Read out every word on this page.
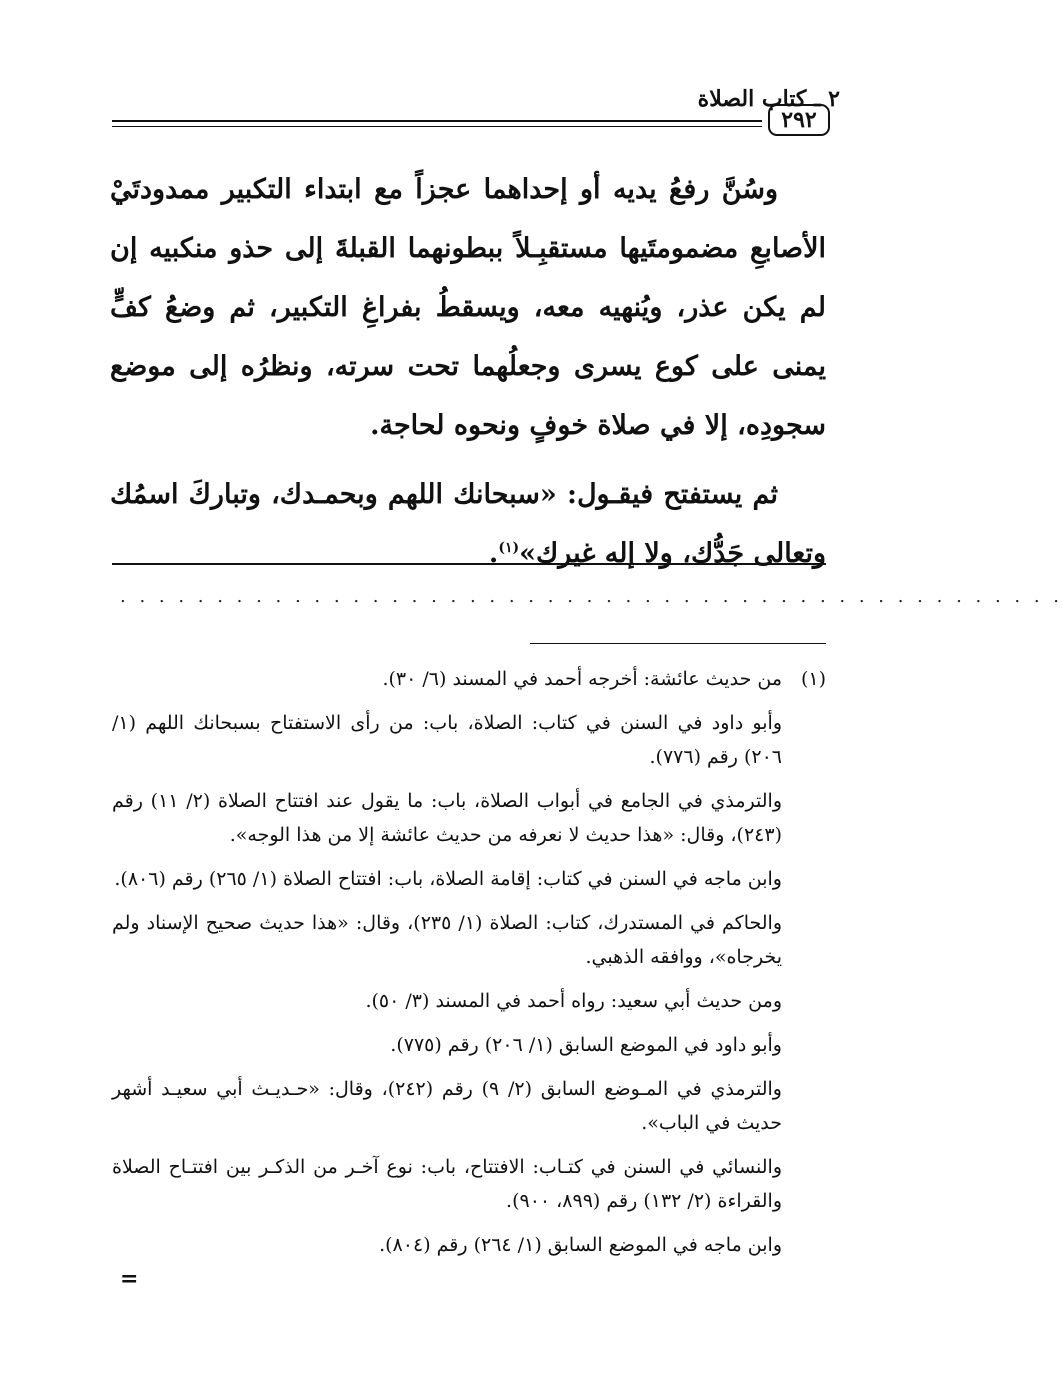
٢ ـ كتاب الصلاة
٢٩٢

وسُنَّ رفعُ يديه أو إحداهما عجزاً مع ابتداء التكبير ممدودتَيْ الأصابعِ مضمومتَيها مستقبِـلاً ببطونهما القبلةَ إلى حذو منكبيه إن لم يكن عذر، ويُنهيه معه، ويسقطُ بفراغِ التكبير، ثم وضعُ كفٍّ يمنى على كوع يسرى وجعلُهما تحت سرته، ونظرُه إلى موضع سجودِه، إلا في صلاة خوفٍ ونحوه لحاجة.

ثم يستفتح فيقـول: «سبحانك اللهم وبحمـدك، وتباركَ اسمُك وتعالى جَدُّك، ولا إله غيرك»$^{(١)}$.

. . . . . . . . . . . . . . . . . . . . . . . . . . . . . . . . . . . . . . . . . . . . . . . . .

(١)من حديث عائشة: أخرجه أحمد في المسند (٦/ ٣٠).

وأبو داود في السنن في كتاب: الصلاة، باب: من رأى الاستفتاح بسبحانك اللهم (١/ ٢٠٦) رقم (٧٧٦).

والترمذي في الجامع في أبواب الصلاة، باب: ما يقول عند افتتاح الصلاة (٢/ ١١) رقم (٢٤٣)، وقال: «هذا حديث لا نعرفه من حديث عائشة إلا من هذا الوجه».

وابن ماجه في السنن في كتاب: إقامة الصلاة، باب: افتتاح الصلاة (١/ ٢٦٥) رقم (٨٠٦).

والحاكم في المستدرك، كتاب: الصلاة (١/ ٢٣٥)، وقال: «هذا حديث صحيح الإسناد ولم يخرجاه»، ووافقه الذهبي.

ومن حديث أبي سعيد: رواه أحمد في المسند (٣/ ٥٠).

وأبو داود في الموضع السابق (١/ ٢٠٦) رقم (٧٧٥).

والترمذي في المـوضع السابق (٢/ ٩) رقم (٢٤٢)، وقال: «حـديـث أبي سعيـد أشهر حديث في الباب».

والنسائي في السنن في كتـاب: الافتتاح، باب: نوع آخـر من الذكـر بين افتتـاح الصلاة والقراءة (٢/ ١٣٢) رقم (٨٩٩، ٩٠٠).

وابن ماجه في الموضع السابق (١/ ٢٦٤) رقم (٨٠٤).

=
